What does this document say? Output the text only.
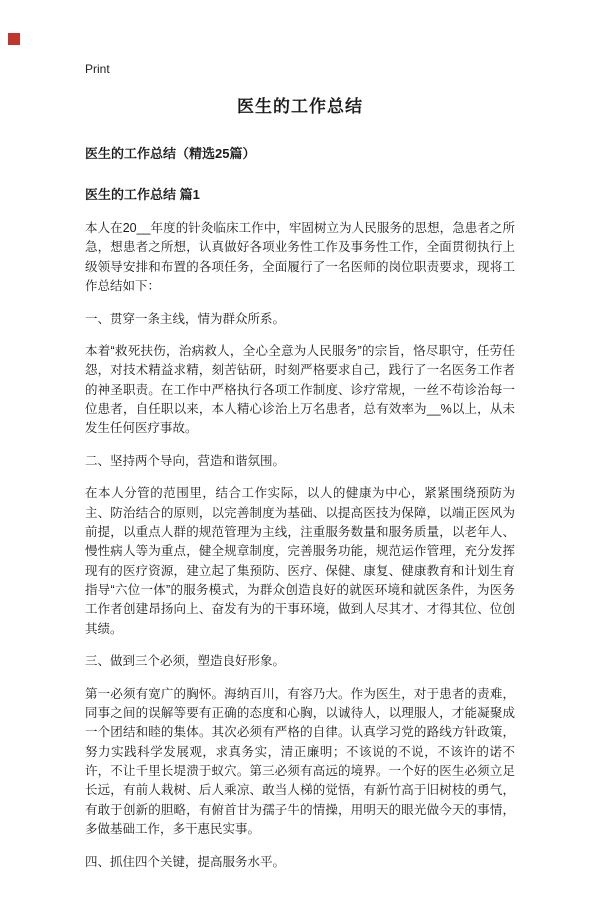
Print
医生的工作总结
医生的工作总结（精选25篇）
医生的工作总结 篇1

本人在20__年度的针灸临床工作中，牢固树立为人民服务的思想，急患者之所急，想患者之所想，认真做好各项业务性工作及事务性工作，全面贯彻执行上级领导安排和布置的各项任务，全面履行了一名医师的岗位职责要求，现将工作总结如下：

一、贯穿一条主线，情为群众所系。

本着“救死扶伤，治病救人，全心全意为人民服务”的宗旨，恪尽职守，任劳任怨，对技术精益求精，刻苦钻研，时刻严格要求自己，践行了一名医务工作者的神圣职责。在工作中严格执行各项工作制度、诊疗常规，一丝不苟诊治每一位患者，自任职以来，本人精心诊治上万名患者，总有效率为__%以上，从未发生任何医疗事故。

二、坚持两个导向，营造和谐氛围。

在本人分管的范围里，结合工作实际，以人的健康为中心，紧紧围绕预防为主、防治结合的原则，以完善制度为基础、以提高医技为保障，以端正医风为前提，以重点人群的规范管理为主线，注重服务数量和服务质量，以老年人、慢性病人等为重点，健全规章制度，完善服务功能，规范运作管理，充分发挥现有的医疗资源，建立起了集预防、医疗、保健、康复、健康教育和计划生育指导“六位一体”的服务模式，为群众创造良好的就医环境和就医条件，为医务工作者创建昂扬向上、奋发有为的干事环境，做到人尽其才、才得其位、位创其绩。

三、做到三个必须，塑造良好形象。

第一必须有宽广的胸怀。海纳百川，有容乃大。作为医生，对于患者的责难，同事之间的误解等要有正确的态度和心胸，以诚待人，以理服人，才能凝聚成一个团结和睦的集体。其次必须有严格的自律。认真学习党的路线方针政策，努力实践科学发展观，求真务实，清正廉明；不该说的不说，不该许的诺不许，不让千里长堤溃于蚁穴。第三必须有高远的境界。一个好的医生必须立足长远，有前人栽树、后人乘凉、敢当人梯的觉悟，有新竹高于旧树枝的勇气，有敢于创新的胆略，有俯首甘为孺子牛的情操，用明天的眼光做今天的事情，多做基础工作，多干惠民实事。

四、抓住四个关键，提高服务水平。
